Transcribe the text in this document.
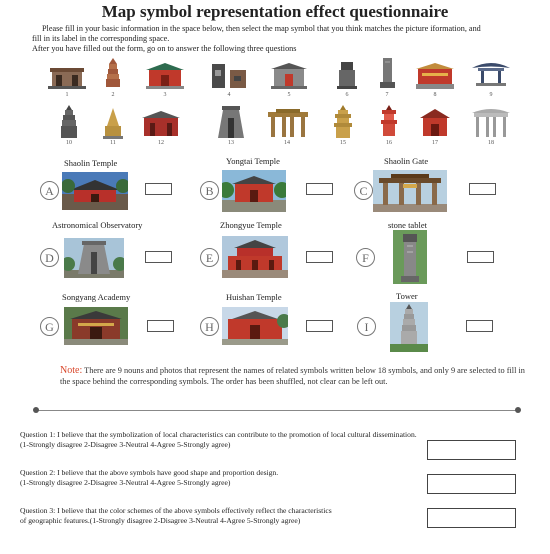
Map symbol representation effect questionnaire
Please fill in your basic information in the space below, then select the map symbol that you think matches the picture iformation, and
fill in its label in the corresponding space.
After you have filled out the form, go on to answer the following three questions
1	2	3	4	5	6	7	8	9
10	11	12	13	14	15	16	17	18
Shaolin Temple
A
Yongtai Temple
B
Shaolin Gate
C
Astronomical Observatory
D
Zhongyue Temple
E
stone tablet
F
Songyang Academy
G
Huishan Temple
H
Tower
I
Note: There are 9 nouns and photos that represent the names of related symbols written below 18 symbols, and only 9 are selected to fill in the space behind the corresponding symbols. The order has been shuffled, not clear can be left out.
Question 1: I believe that the symbolization of local characteristics can contribute to the promotion of local cultural dissemination.
(1-Strongly disagree 2-Disagree 3-Neutral 4-Agree 5-Strongly agree)
Question 2: I believe that the above symbols have good shape and proportion design.
(1-Strongly disagree 2-Disagree 3-Neutral 4-Agree 5-Strongly agree)
Question 3: I believe that the color schemes of the above symbols effectively reflect the characteristics
of geographic features.(1-Strongly disagree 2-Disagree 3-Neutral 4-Agree 5-Strongly agree)
